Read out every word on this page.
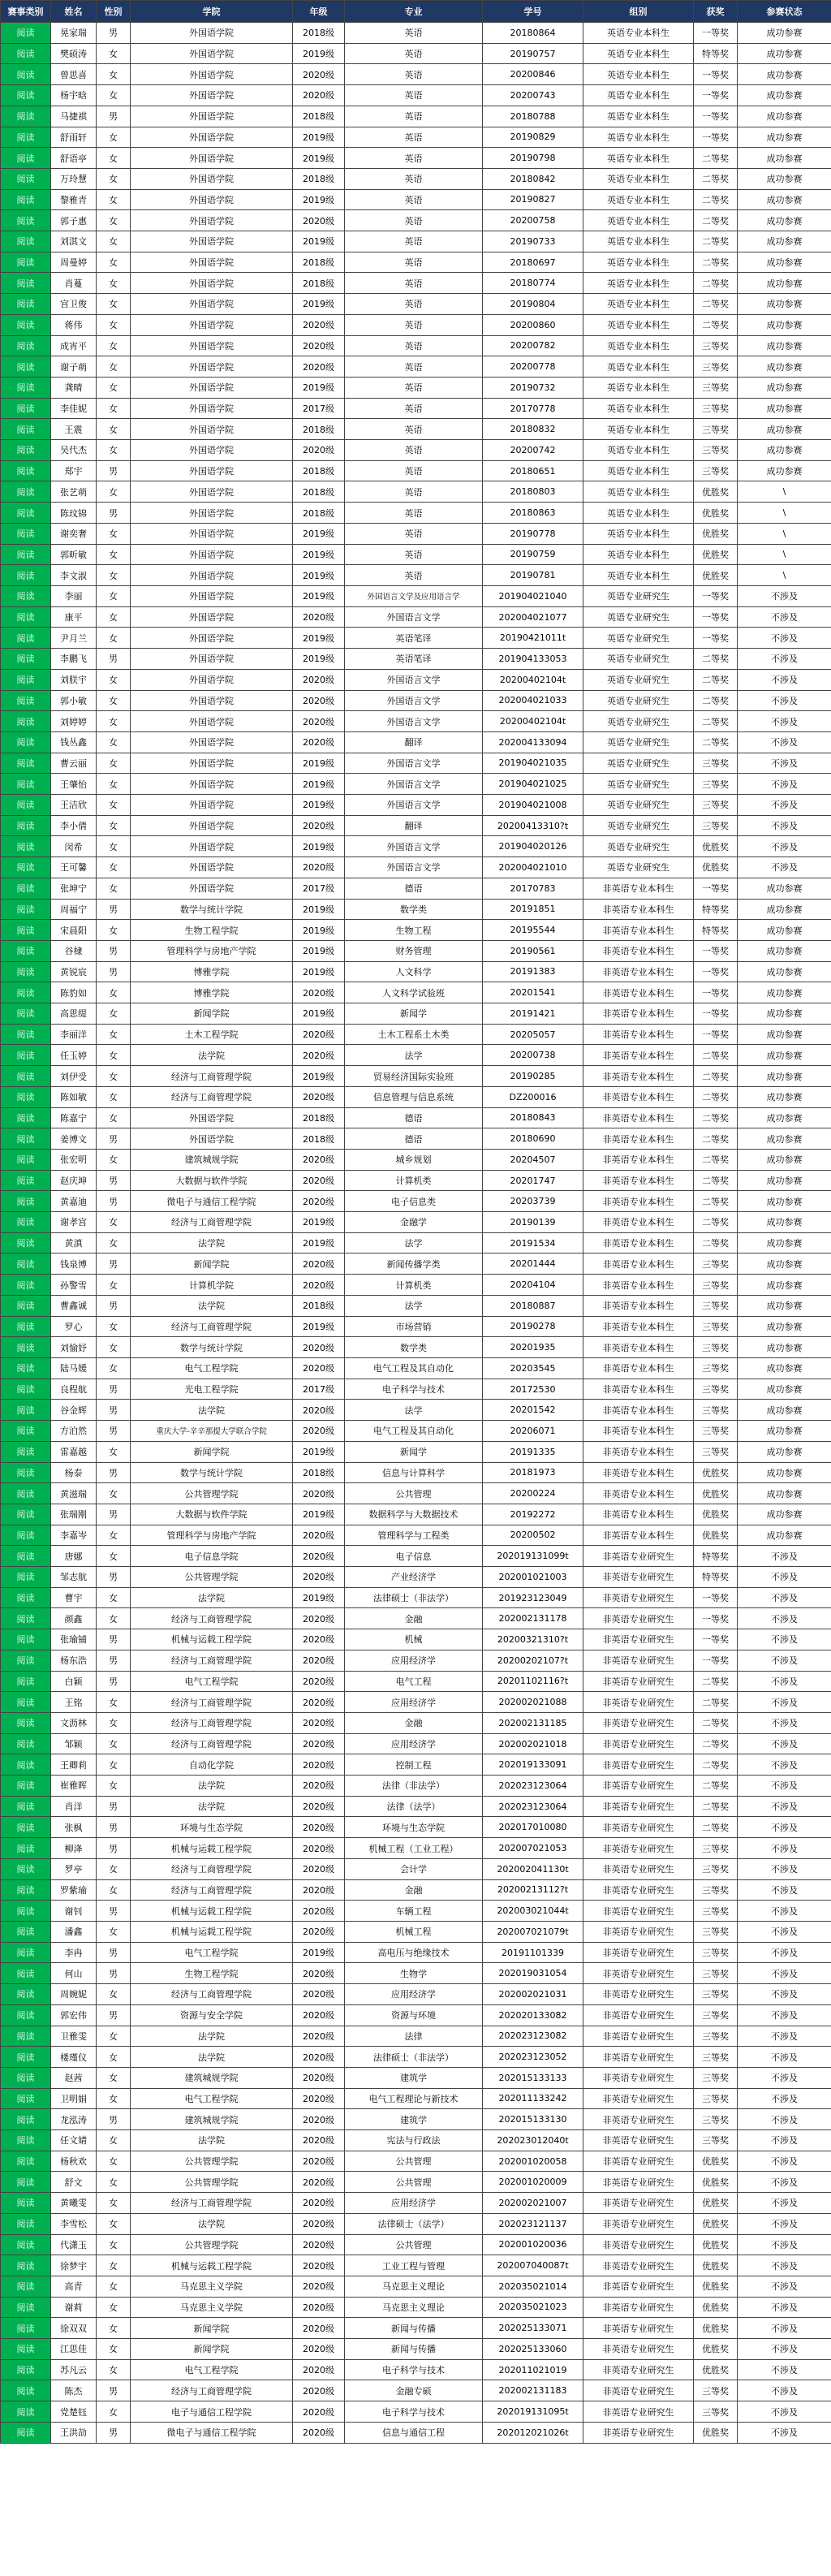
赛事类别	姓名	性别	学院	年级	专业	学号	组别	获奖	参赛状态
阅读	晃家瑞	男	外国语学院	2018级	英语	20180864	英语专业本科生	一等奖	成功参赛
阅读	樊硕涛	女	外国语学院	2019级	英语	20190757	英语专业本科生	特等奖	成功参赛
阅读	曾思喜	女	外国语学院	2020级	英语	20200846	英语专业本科生	一等奖	成功参赛
阅读	杨宇晗	女	外国语学院	2020级	英语	20200743	英语专业本科生	一等奖	成功参赛
阅读	马捷祺	男	外国语学院	2018级	英语	20180788	英语专业本科生	一等奖	成功参赛
阅读	舒雨轩	女	外国语学院	2019级	英语	20190829	英语专业本科生	一等奖	成功参赛
阅读	舒语亭	女	外国语学院	2019级	英语	20190798	英语专业本科生	二等奖	成功参赛
阅读	万玲慧	女	外国语学院	2018级	英语	20180842	英语专业本科生	二等奖	成功参赛
阅读	黎雅青	女	外国语学院	2019级	英语	20190827	英语专业本科生	二等奖	成功参赛
阅读	郭子惠	女	外国语学院	2020级	英语	20200758	英语专业本科生	二等奖	成功参赛
阅读	刘淇文	女	外国语学院	2019级	英语	20190733	英语专业本科生	二等奖	成功参赛
阅读	周曼婷	女	外国语学院	2018级	英语	20180697	英语专业本科生	二等奖	成功参赛
阅读	肖蔓	女	外国语学院	2018级	英语	20180774	英语专业本科生	二等奖	成功参赛
阅读	宫卫俊	女	外国语学院	2019级	英语	20190804	英语专业本科生	二等奖	成功参赛
阅读	蒋伟	女	外国语学院	2020级	英语	20200860	英语专业本科生	二等奖	成功参赛
阅读	成宵平	女	外国语学院	2020级	英语	20200782	英语专业本科生	三等奖	成功参赛
阅读	谢子萌	女	外国语学院	2020级	英语	20200778	英语专业本科生	三等奖	成功参赛
阅读	龚晴	女	外国语学院	2019级	英语	20190732	英语专业本科生	三等奖	成功参赛
阅读	李佳妮	女	外国语学院	2017级	英语	20170778	英语专业本科生	三等奖	成功参赛
阅读	王震	女	外国语学院	2018级	英语	20180832	英语专业本科生	三等奖	成功参赛
阅读	吴代杰	女	外国语学院	2020级	英语	20200742	英语专业本科生	三等奖	成功参赛
阅读	郑宇	男	外国语学院	2018级	英语	20180651	英语专业本科生	三等奖	成功参赛
阅读	张艺萌	女	外国语学院	2018级	英语	20180803	英语专业本科生	优胜奖	\
阅读	陈玟锦	男	外国语学院	2018级	英语	20180863	英语专业本科生	优胜奖	\
阅读	谢奕奢	女	外国语学院	2019级	英语	20190778	英语专业本科生	优胜奖	\
阅读	郭昕敏	女	外国语学院	2019级	英语	20190759	英语专业本科生	优胜奖	\
阅读	李文淑	女	外国语学院	2019级	英语	20190781	英语专业本科生	优胜奖	\
阅读	李丽	女	外国语学院	2019级	外国语言文学及应用语言学	201904021040	英语专业研究生	一等奖	不涉及
阅读	康平	女	外国语学院	2020级	外国语言文学	202004021077	英语专业研究生	一等奖	不涉及
阅读	尹月兰	女	外国语学院	2019级	英语笔译	20190421011t	英语专业研究生	一等奖	不涉及
阅读	李鹏飞	男	外国语学院	2019级	英语笔译	201904133053	英语专业研究生	二等奖	不涉及
阅读	刘朕宇	女	外国语学院	2020级	外国语言文学	20200402104t	英语专业研究生	二等奖	不涉及
阅读	郭小敏	女	外国语学院	2020级	外国语言文学	202004021033	英语专业研究生	二等奖	不涉及
阅读	刘婷婷	女	外国语学院	2020级	外国语言文学	20200402104t	英语专业研究生	二等奖	不涉及
阅读	钱丛鑫	女	外国语学院	2020级	翻译	202004133094	英语专业研究生	二等奖	不涉及
阅读	曹云丽	女	外国语学院	2019级	外国语言文学	201904021035	英语专业研究生	三等奖	不涉及
阅读	王肇怡	女	外国语学院	2019级	外国语言文学	201904021025	英语专业研究生	三等奖	不涉及
阅读	王洁欣	女	外国语学院	2019级	外国语言文学	201904021008	英语专业研究生	三等奖	不涉及
阅读	李小倩	女	外国语学院	2020级	翻译	20200413310?t	英语专业研究生	三等奖	不涉及
阅读	闵希	女	外国语学院	2019级	外国语言文学	201904020126	英语专业研究生	优胜奖	不涉及
阅读	王可馨	女	外国语学院	2020级	外国语言文学	202004021010	英语专业研究生	优胜奖	不涉及
阅读	张坤宁	女	外国语学院	2017级	德语	20170783	非英语专业本科生	一等奖	成功参赛
阅读	周福宁	男	数学与统计学院	2019级	数学类	20191851	非英语专业本科生	特等奖	成功参赛
阅读	宋晨阳	女	生物工程学院	2019级	生物工程	20195544	非英语专业本科生	特等奖	成功参赛
阅读	谷棣	男	管理科学与房地产学院	2019级	财务管理	20190561	非英语专业本科生	一等奖	成功参赛
阅读	黄锐宸	男	博雅学院	2019级	人文科学	20191383	非英语专业本科生	一等奖	成功参赛
阅读	陈豹如	女	博雅学院	2020级	人文科学试验班	20201541	非英语专业本科生	一等奖	成功参赛
阅读	高思缇	女	新闻学院	2019级	新闻学	20191421	非英语专业本科生	一等奖	成功参赛
阅读	李丽洋	女	土木工程学院	2020级	土木工程系土木类	20205057	非英语专业本科生	一等奖	成功参赛
阅读	任玉婷	女	法学院	2020级	法学	20200738	非英语专业本科生	二等奖	成功参赛
阅读	刘伊受	女	经济与工商管理学院	2019级	贸易经济国际实验班	20190285	非英语专业本科生	二等奖	成功参赛
阅读	陈如敏	女	经济与工商管理学院	2020级	信息管理与信息系统	DZ200016	非英语专业本科生	二等奖	成功参赛
阅读	陈嘉宁	女	外国语学院	2018级	德语	20180843	非英语专业本科生	二等奖	成功参赛
阅读	姜博文	男	外国语学院	2018级	德语	20180690	非英语专业本科生	二等奖	成功参赛
阅读	张宏明	女	建筑城规学院	2020级	城乡规划	20204507	非英语专业本科生	二等奖	成功参赛
阅读	赵庆坤	男	大数据与软件学院	2020级	计算机类	20201747	非英语专业本科生	二等奖	成功参赛
阅读	黄嘉迪	男	微电子与通信工程学院	2020级	电子信息类	20203739	非英语专业本科生	二等奖	成功参赛
阅读	谢孝宫	女	经济与工商管理学院	2019级	金融学	20190139	非英语专业本科生	二等奖	成功参赛
阅读	黄滇	女	法学院	2019级	法学	20191534	非英语专业本科生	二等奖	成功参赛
阅读	钱泉博	男	新闻学院	2020级	新闻传播学类	20201444	非英语专业本科生	三等奖	成功参赛
阅读	孙警雪	女	计算机学院	2020级	计算机类	20204104	非英语专业本科生	三等奖	成功参赛
阅读	曹鑫诚	男	法学院	2018级	法学	20180887	非英语专业本科生	三等奖	成功参赛
阅读	罗心	女	经济与工商管理学院	2019级	市场营销	20190278	非英语专业本科生	三等奖	成功参赛
阅读	刘愉妤	女	数学与统计学院	2020级	数学类	20201935	非英语专业本科生	三等奖	成功参赛
阅读	陆马媛	女	电气工程学院	2020级	电气工程及其自动化	20203545	非英语专业本科生	三等奖	成功参赛
阅读	良程航	男	光电工程学院	2017级	电子科学与技术	20172530	非英语专业本科生	三等奖	成功参赛
阅读	谷金辉	男	法学院	2020级	法学	20201542	非英语专业本科生	三等奖	成功参赛
阅读	方泊然	男	重庆大学-辛辛那提大学联合学院	2020级	电气工程及其自动化	20206071	非英语专业本科生	三等奖	成功参赛
阅读	雷嘉越	女	新闻学院	2019级	新闻学	20191335	非英语专业本科生	三等奖	成功参赛
阅读	杨泰	男	数学与统计学院	2018级	信息与计算科学	20181973	非英语专业本科生	优胜奖	成功参赛
阅读	黄滋瑞	女	公共管理学院	2020级	公共管理	20200224	非英语专业本科生	优胜奖	成功参赛
阅读	张瑞刚	男	大数据与软件学院	2019级	数据科学与大数据技术	20192272	非英语专业本科生	优胜奖	成功参赛
阅读	李嘉岑	女	管理科学与房地产学院	2020级	管理科学与工程类	20200502	非英语专业本科生	优胜奖	成功参赛
阅读	唐娜	女	电子信息学院	2020级	电子信息	202019131099t	非英语专业研究生	特等奖	不涉及
阅读	邹志航	男	公共管理学院	2020级	产业经济学	202001021003	非英语专业研究生	特等奖	不涉及
阅读	曹宇	女	法学院	2019级	法律硕士（非法学）	201923123049	非英语专业研究生	一等奖	不涉及
阅读	颜鑫	女	经济与工商管理学院	2020级	金融	202002131178	非英语专业研究生	一等奖	不涉及
阅读	张瑜铺	男	机械与运载工程学院	2020级	机械	20200321310?t	非英语专业研究生	一等奖	不涉及
阅读	杨东浩	男	经济与工商管理学院	2020级	应用经济学	20200202107?t	非英语专业研究生	一等奖	不涉及
阅读	白颖	男	电气工程学院	2020级	电气工程	20201102116?t	非英语专业研究生	二等奖	不涉及
阅读	王铭	女	经济与工商管理学院	2020级	应用经济学	202002021088	非英语专业研究生	二等奖	不涉及
阅读	文沥林	女	经济与工商管理学院	2020级	金融	202002131185	非英语专业研究生	二等奖	不涉及
阅读	邹颖	女	经济与工商管理学院	2020级	应用经济学	202002021018	非英语专业研究生	二等奖	不涉及
阅读	王卿莉	女	自动化学院	2020级	控制工程	202019133091	非英语专业研究生	二等奖	不涉及
阅读	崔雅晖	女	法学院	2020级	法律（非法学）	202023123064	非英语专业研究生	二等奖	不涉及
阅读	肖洋	男	法学院	2020级	法律（法学）	202023123064	非英语专业研究生	二等奖	不涉及
阅读	张枫	男	环境与生态学院	2020级	环境与生态学院	202017010080	非英语专业研究生	二等奖	不涉及
阅读	柳洚	男	机械与运载工程学院	2020级	机械工程（工业工程）	202007021053	非英语专业研究生	三等奖	不涉及
阅读	罗亭	女	经济与工商管理学院	2020级	会计学	202002041130t	非英语专业研究生	三等奖	不涉及
阅读	罗紫瑜	女	经济与工商管理学院	2020级	金融	20200213112?t	非英语专业研究生	三等奖	不涉及
阅读	谢钊	男	机械与运载工程学院	2020级	车辆工程	202003021044t	非英语专业研究生	三等奖	不涉及
阅读	潘鑫	女	机械与运载工程学院	2020级	机械工程	202007021079t	非英语专业研究生	三等奖	不涉及
阅读	李冉	男	电气工程学院	2019级	高电压与绝缘技术	20191101339	非英语专业研究生	三等奖	不涉及
阅读	何山	男	生物工程学院	2020级	生物学	202019031054	非英语专业研究生	三等奖	不涉及
阅读	周婉妮	女	经济与工商管理学院	2020级	应用经济学	202002021031	非英语专业研究生	三等奖	不涉及
阅读	郭宏伟	男	资源与安全学院	2020级	资源与环境	202020133082	非英语专业研究生	三等奖	不涉及
阅读	卫雅雯	女	法学院	2020级	法律	202023123082	非英语专业研究生	三等奖	不涉及
阅读	楼瑾仪	女	法学院	2020级	法律硕士（非法学）	202023123052	非英语专业研究生	三等奖	不涉及
阅读	赵茜	女	建筑城规学院	2020级	建筑学	202015133133	非英语专业研究生	三等奖	不涉及
阅读	卫明娟	女	电气工程学院	2020级	电气工程理论与新技术	202011133242	非英语专业研究生	三等奖	不涉及
阅读	龙泓涛	男	建筑城规学院	2020级	建筑学	202015133130	非英语专业研究生	三等奖	不涉及
阅读	任文婧	女	法学院	2020级	宪法与行政法	202023012040t	非英语专业研究生	三等奖	不涉及
阅读	杨秋欢	女	公共管理学院	2020级	公共管理	202001020058	非英语专业研究生	优胜奖	不涉及
阅读	舒文	女	公共管理学院	2020级	公共管理	202001020009	非英语专业研究生	优胜奖	不涉及
阅读	黄曦雯	女	经济与工商管理学院	2020级	应用经济学	202002021007	非英语专业研究生	优胜奖	不涉及
阅读	李雪松	女	法学院	2020级	法律硕士（法学）	202023121137	非英语专业研究生	优胜奖	不涉及
阅读	代潇玉	女	公共管理学院	2020级	公共管理	202001020036	非英语专业研究生	优胜奖	不涉及
阅读	徐梦宇	女	机械与运载工程学院	2020级	工业工程与管理	202007040087t	非英语专业研究生	优胜奖	不涉及
阅读	高青	女	马克思主义学院	2020级	马克思主义理论	202035021014	非英语专业研究生	优胜奖	不涉及
阅读	谢莉	女	马克思主义学院	2020级	马克思主义理论	202035021023	非英语专业研究生	优胜奖	不涉及
阅读	徐双双	女	新闻学院	2020级	新闻与传播	202025133071	非英语专业研究生	优胜奖	不涉及
阅读	江思佳	女	新闻学院	2020级	新闻与传播	202025133060	非英语专业研究生	优胜奖	不涉及
阅读	苏凡云	女	电气工程学院	2020级	电子科学与技术	202011021019	非英语专业研究生	优胜奖	不涉及
阅读	陈杰	男	经济与工商管理学院	2020级	金融专硕	202002131183	非英语专业研究生	三等奖	不涉及
阅读	党楚钰	女	电子与通信工程学院	2020级	电子科学与技术	202019131095t	非英语专业研究生	三等奖	不涉及
阅读	王洪劼	男	微电子与通信工程学院	2020级	信息与通信工程	202012021026t	非英语专业研究生	优胜奖	不涉及
